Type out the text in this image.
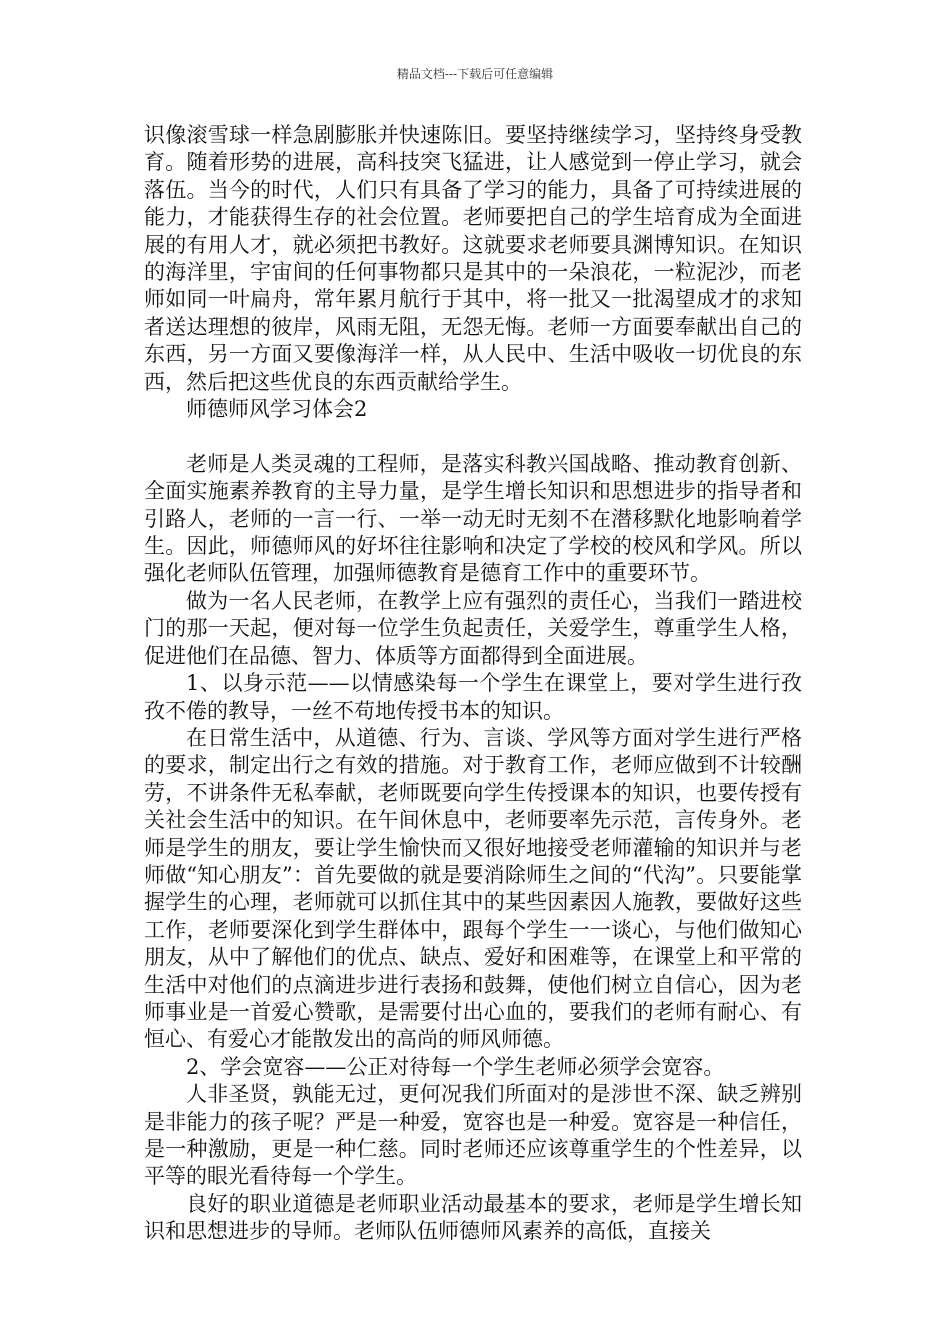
精品文档---下载后可任意编辑

识像滚雪球一样急剧膨胀并快速陈旧。要坚持继续学习，坚持终身受教育。随着形势的进展，高科技突飞猛进，让人感觉到一停止学习，就会落伍。当今的时代，人们只有具备了学习的能力，具备了可持续进展的能力，才能获得生存的社会位置。老师要把自己的学生培育成为全面进展的有用人才，就必须把书教好。这就要求老师要具渊博知识。在知识的海洋里，宇宙间的任何事物都只是其中的一朵浪花，一粒泥沙，而老师如同一叶扁舟，常年累月航行于其中，将一批又一批渴望成才的求知者送达理想的彼岸，风雨无阻，无怨无悔。老师一方面要奉献出自己的东西，另一方面又要像海洋一样，从人民中、生活中吸收一切优良的东西，然后把这些优良的东西贡献给学生。

师德师风学习体会2

老师是人类灵魂的工程师，是落实科教兴国战略、推动教育创新、全面实施素养教育的主导力量，是学生增长知识和思想进步的指导者和引路人，老师的一言一行、一举一动无时无刻不在潜移默化地影响着学生。因此，师德师风的好坏往往影响和决定了学校的校风和学风。所以强化老师队伍管理，加强师德教育是德育工作中的重要环节。

做为一名人民老师，在教学上应有强烈的责任心，当我们一踏进校门的那一天起，便对每一位学生负起责任，关爱学生，尊重学生人格，促进他们在品德、智力、体质等方面都得到全面进展。

1、以身示范——以情感染每一个学生在课堂上，要对学生进行孜孜不倦的教导，一丝不苟地传授书本的知识。

在日常生活中，从道德、行为、言谈、学风等方面对学生进行严格的要求，制定出行之有效的措施。对于教育工作，老师应做到不计较酬劳，不讲条件无私奉献，老师既要向学生传授课本的知识，也要传授有关社会生活中的知识。在午间休息中，老师要率先示范，言传身外。老师是学生的朋友，要让学生愉快而又很好地接受老师灌输的知识并与老师做“知心朋友”：首先要做的就是要消除师生之间的“代沟”。只要能掌握学生的心理，老师就可以抓住其中的某些因素因人施教，要做好这些工作，老师要深化到学生群体中，跟每个学生一一谈心，与他们做知心朋友，从中了解他们的优点、缺点、爱好和困难等，在课堂上和平常的生活中对他们的点滴进步进行表扬和鼓舞，使他们树立自信心，因为老师事业是一首爱心赞歌，是需要付出心血的，要我们的老师有耐心、有恒心、有爱心才能散发出的高尚的师风师德。

2、学会宽容——公正对待每一个学生老师必须学会宽容。

人非圣贤，孰能无过，更何况我们所面对的是涉世不深、缺乏辨别是非能力的孩子呢？严是一种爱，宽容也是一种爱。宽容是一种信任，是一种激励，更是一种仁慈。同时老师还应该尊重学生的个性差异，以平等的眼光看待每一个学生。

良好的职业道德是老师职业活动最基本的要求，老师是学生增长知识和思想进步的导师。老师队伍师德师风素养的高低，直接关
